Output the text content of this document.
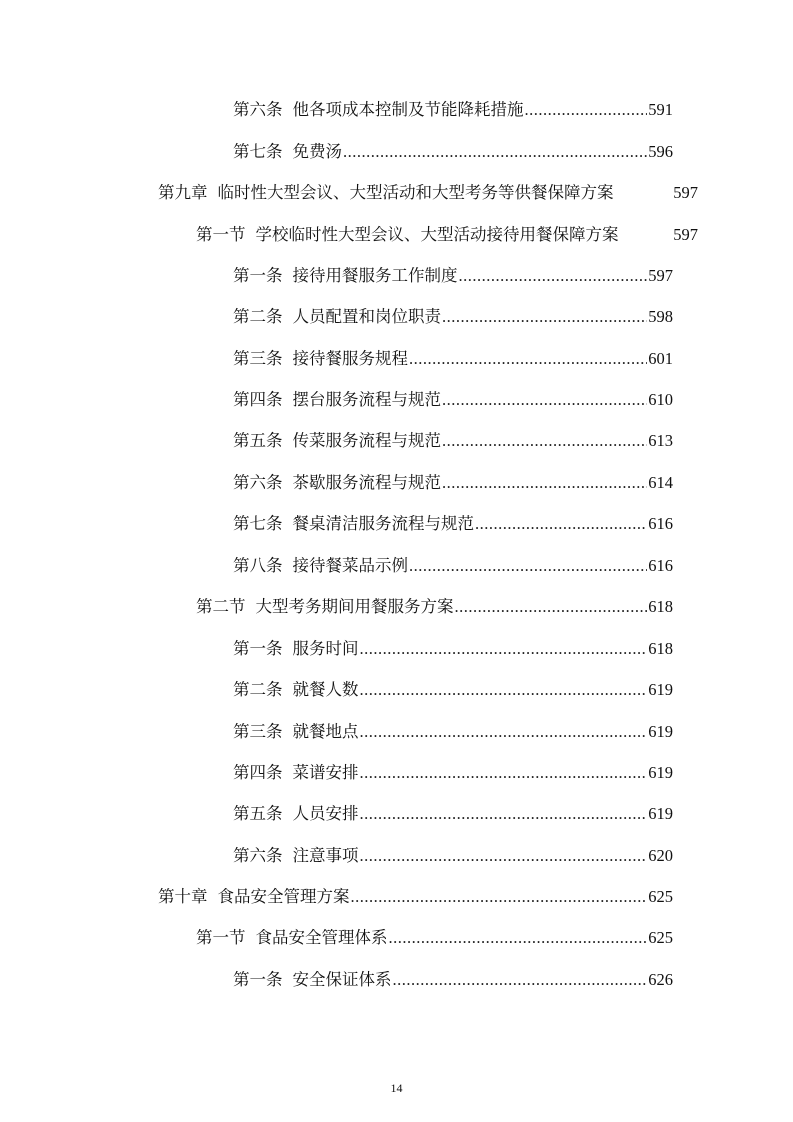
第六条 他各项成本控制及节能降耗措施 .....	591
第七条 免费汤 .....	596
第九章 临时性大型会议、大型活动和大型考务等供餐保障方案	597
第一节 学校临时性大型会议、大型活动接待用餐保障方案	597
第一条 接待用餐服务工作制度 .....	597
第二条 人员配置和岗位职责 .....	598
第三条 接待餐服务规程 .....	601
第四条 摆台服务流程与规范 .....	610
第五条 传菜服务流程与规范 .....	613
第六条 茶歇服务流程与规范 .....	614
第七条 餐桌清洁服务流程与规范 .....	616
第八条 接待餐菜品示例 .....	616
第二节 大型考务期间用餐服务方案 .....	618
第一条 服务时间 .....	618
第二条 就餐人数 .....	619
第三条 就餐地点 .....	619
第四条 菜谱安排 .....	619
第五条 人员安排 .....	619
第六条 注意事项 .....	620
第十章 食品安全管理方案 .....	625
第一节 食品安全管理体系 .....	625
第一条 安全保证体系 .....	626
14
